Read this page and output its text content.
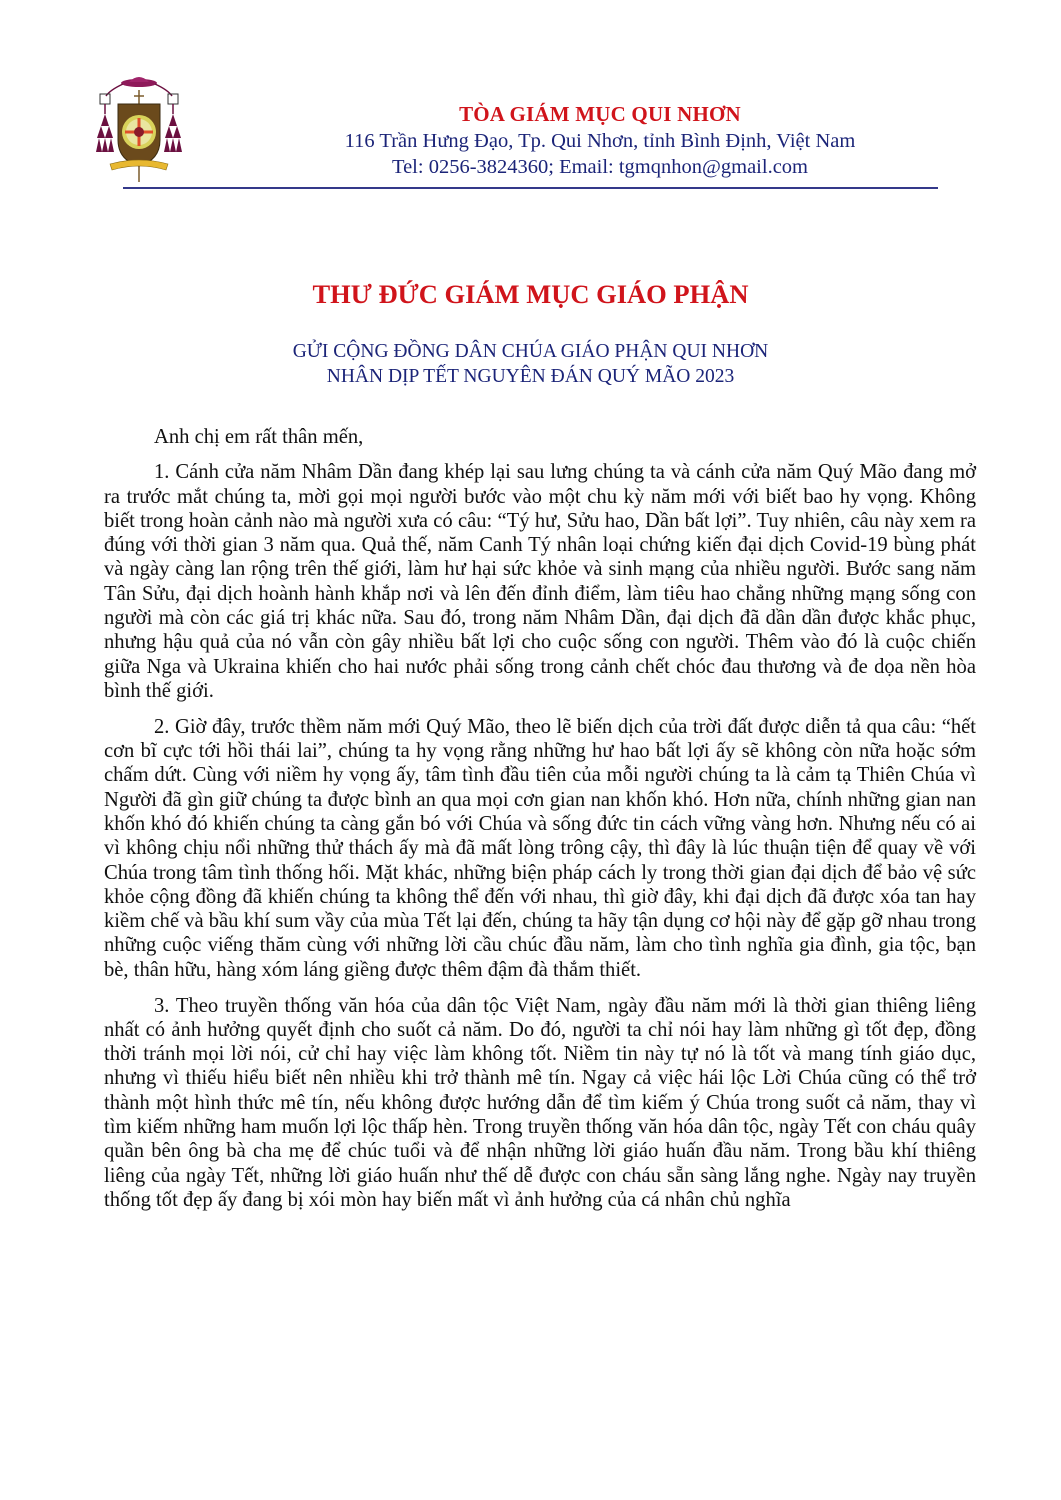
TÒA GIÁM MỤC QUI NHƠN
116 Trần Hưng Đạo, Tp. Qui Nhơn, tỉnh Bình Định, Việt Nam
Tel: 0256-3824360; Email: tgmqnhon@gmail.com
THƯ ĐỨC GIÁM MỤC GIÁO PHẬN
GỬI CỘNG ĐỒNG DÂN CHÚA GIÁO PHẬN QUI NHƠN
NHÂN DỊP TẾT NGUYÊN ĐÁN QUÝ MÃO 2023

Anh chị em rất thân mến,

1. Cánh cửa năm Nhâm Dần đang khép lại sau lưng chúng ta và cánh cửa năm Quý Mão đang mở ra trước mắt chúng ta, mời gọi mọi người bước vào một chu kỳ năm mới với biết bao hy vọng. Không biết trong hoàn cảnh nào mà người xưa có câu: “Tý hư, Sửu hao, Dần bất lợi”. Tuy nhiên, câu này xem ra đúng với thời gian 3 năm qua. Quả thế, năm Canh Tý nhân loại chứng kiến đại dịch Covid-19 bùng phát và ngày càng lan rộng trên thế giới, làm hư hại sức khỏe và sinh mạng của nhiều người. Bước sang năm Tân Sửu, đại dịch hoành hành khắp nơi và lên đến đỉnh điểm, làm tiêu hao chẳng những mạng sống con người mà còn các giá trị khác nữa. Sau đó, trong năm Nhâm Dần, đại dịch đã dần dần được khắc phục, nhưng hậu quả của nó vẫn còn gây nhiều bất lợi cho cuộc sống con người. Thêm vào đó là cuộc chiến giữa Nga và Ukraina khiến cho hai nước phải sống trong cảnh chết chóc đau thương và đe dọa nền hòa bình thế giới.

2. Giờ đây, trước thềm năm mới Quý Mão, theo lẽ biến dịch của trời đất được diễn tả qua câu: “hết cơn bĩ cực tới hồi thái lai”, chúng ta hy vọng rằng những hư hao bất lợi ấy sẽ không còn nữa hoặc sớm chấm dứt. Cùng với niềm hy vọng ấy, tâm tình đầu tiên của mỗi người chúng ta là cảm tạ Thiên Chúa vì Người đã gìn giữ chúng ta được bình an qua mọi cơn gian nan khốn khó. Hơn nữa, chính những gian nan khốn khó đó khiến chúng ta càng gắn bó với Chúa và sống đức tin cách vững vàng hơn. Nhưng nếu có ai vì không chịu nổi những thử thách ấy mà đã mất lòng trông cậy, thì đây là lúc thuận tiện để quay về với Chúa trong tâm tình thống hối. Mặt khác, những biện pháp cách ly trong thời gian đại dịch để bảo vệ sức khỏe cộng đồng đã khiến chúng ta không thể đến với nhau, thì giờ đây, khi đại dịch đã được xóa tan hay kiềm chế và bầu khí sum vầy của mùa Tết lại đến, chúng ta hãy tận dụng cơ hội này để gặp gỡ nhau trong những cuộc viếng thăm cùng với những lời cầu chúc đầu năm, làm cho tình nghĩa gia đình, gia tộc, bạn bè, thân hữu, hàng xóm láng giềng được thêm đậm đà thắm thiết.

3. Theo truyền thống văn hóa của dân tộc Việt Nam, ngày đầu năm mới là thời gian thiêng liêng nhất có ảnh hưởng quyết định cho suốt cả năm. Do đó, người ta chỉ nói hay làm những gì tốt đẹp, đồng thời tránh mọi lời nói, cử chỉ hay việc làm không tốt. Niềm tin này tự nó là tốt và mang tính giáo dục, nhưng vì thiếu hiểu biết nên nhiều khi trở thành mê tín. Ngay cả việc hái lộc Lời Chúa cũng có thể trở thành một hình thức mê tín, nếu không được hướng dẫn để tìm kiếm ý Chúa trong suốt cả năm, thay vì tìm kiếm những ham muốn lợi lộc thấp hèn. Trong truyền thống văn hóa dân tộc, ngày Tết con cháu quây quần bên ông bà cha mẹ để chúc tuổi và để nhận những lời giáo huấn đầu năm. Trong bầu khí thiêng liêng của ngày Tết, những lời giáo huấn như thế dễ được con cháu sẵn sàng lắng nghe. Ngày nay truyền thống tốt đẹp ấy đang bị xói mòn hay biến mất vì ảnh hưởng của cá nhân chủ nghĩa
